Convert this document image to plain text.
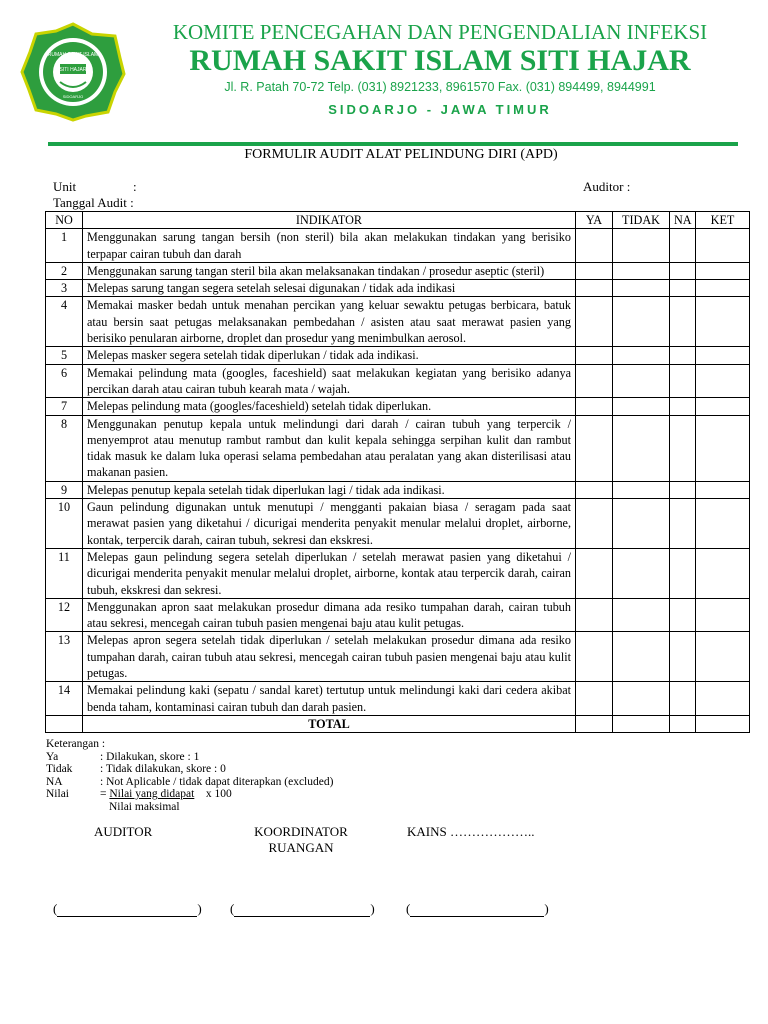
RUMAH SAKIT ISLAM
SITI HAJAR
SIDOARJO
KOMITE PENCEGAHAN DAN PENGENDALIAN INFEKSI
RUMAH SAKIT ISLAM SITI HAJAR
Jl. R. Patah 70-72 Telp. (031) 8921233, 8961570 Fax. (031) 894499, 8944991
SIDOARJO - JAWA TIMUR
FORMULIR AUDIT ALAT PELINDUNG DIRI (APD)
Unit	:	Auditor :
Tanggal Audit :
NO	INDIKATOR	YA	TIDAK	NA	KET
1	Menggunakan sarung tangan bersih (non steril) bila akan melakukan tindakan yang berisiko terpapar cairan tubuh dan darah				
2	Menggunakan sarung tangan steril bila akan melaksanakan tindakan / prosedur aseptic (steril)				
3	Melepas sarung tangan segera setelah selesai digunakan / tidak ada indikasi				
4	Memakai masker bedah untuk menahan percikan yang keluar sewaktu petugas berbicara, batuk atau bersin saat petugas melaksanakan pembedahan / asisten atau saat merawat pasien yang berisiko penularan airborne, droplet dan prosedur yang menimbulkan aerosol.				
5	Melepas masker segera setelah tidak diperlukan / tidak ada indikasi.				
6	Memakai pelindung mata (googles, faceshield) saat melakukan kegiatan yang berisiko adanya percikan darah atau cairan tubuh kearah mata / wajah.				
7	Melepas pelindung mata (googles/faceshield) setelah tidak diperlukan.				
8	Menggunakan penutup kepala untuk melindungi dari darah / cairan tubuh yang terpercik / menyemprot atau menutup rambut rambut dan kulit kepala sehingga serpihan kulit dan rambut tidak masuk ke dalam luka operasi selama pembedahan atau peralatan yang akan disterilisasi atau makanan pasien.				
9	Melepas penutup kepala setelah tidak diperlukan lagi / tidak ada indikasi.				
10	Gaun pelindung digunakan untuk menutupi / mengganti pakaian biasa / seragam pada saat merawat pasien yang diketahui / dicurigai menderita penyakit menular melalui droplet, airborne, kontak, terpercik darah, cairan tubuh, sekresi dan ekskresi.				
11	Melepas gaun pelindung segera setelah diperlukan / setelah merawat pasien yang diketahui / dicurigai menderita penyakit menular melalui droplet, airborne, kontak atau terpercik darah, cairan tubuh, ekskresi dan sekresi.				
12	Menggunakan apron saat melakukan prosedur dimana ada resiko tumpahan darah, cairan tubuh atau sekresi, mencegah cairan tubuh pasien mengenai baju atau kulit petugas.				
13	Melepas apron segera setelah tidak diperlukan / setelah melakukan prosedur dimana ada resiko tumpahan darah, cairan tubuh atau sekresi, mencegah cairan tubuh pasien mengenai baju atau kulit petugas.				
14	Memakai pelindung kaki (sepatu / sandal karet) tertutup untuk melindungi kaki dari cedera akibat benda taham, kontaminasi cairan tubuh dan darah pasien.				
	TOTAL				
Keterangan :
Ya	: Dilakukan, skore : 1
Tidak	: Tidak dilakukan, skore : 0
NA	: Not Aplicable / tidak dapat diterapkan (excluded)
Nilai	=
Nilai yang didapat
x 100
Nilai maksimal
AUDITOR	KOORDINATOR
RUANGAN
KAINS ………………..
(	) (	) (	)
